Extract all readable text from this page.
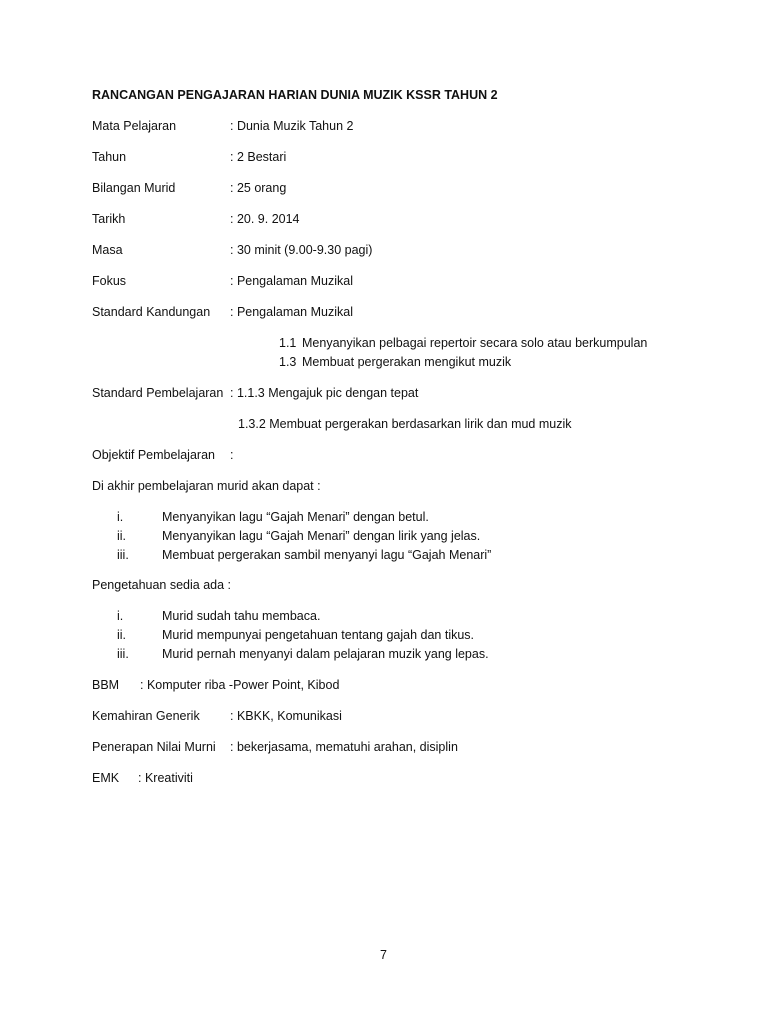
RANCANGAN PENGAJARAN HARIAN DUNIA MUZIK KSSR TAHUN 2
Mata Pelajaran	: Dunia Muzik Tahun 2
Tahun	: 2 Bestari
Bilangan Murid	: 25 orang
Tarikh	: 20. 9. 2014
Masa	: 30 minit (9.00-9.30 pagi)
Fokus	: Pengalaman Muzikal
Standard Kandungan : Pengalaman Muzikal
1.1 Menyanyikan pelbagai repertoir secara solo atau berkumpulan
1.3 Membuat pergerakan mengikut muzik
Standard Pembelajaran : 1.1.3 Mengajuk pic dengan tepat
1.3.2 Membuat pergerakan berdasarkan lirik dan mud muzik
Objektif Pembelajaran :
Di akhir pembelajaran murid akan dapat :
i.	Menyanyikan lagu “Gajah Menari” dengan betul.
ii.	Menyanyikan lagu “Gajah Menari” dengan lirik yang jelas.
iii.	Membuat pergerakan sambil menyanyi lagu “Gajah Menari”
Pengetahuan sedia ada :
i.	Murid sudah tahu membaca.
ii.	Murid mempunyai pengetahuan tentang gajah dan tikus.
iii.	Murid pernah menyanyi dalam pelajaran muzik yang lepas.
BBM : Komputer riba -Power Point, Kibod
Kemahiran Generik : KBKK, Komunikasi
Penerapan Nilai Murni : bekerjasama, mematuhi arahan, disiplin
EMK : Kreativiti
7
